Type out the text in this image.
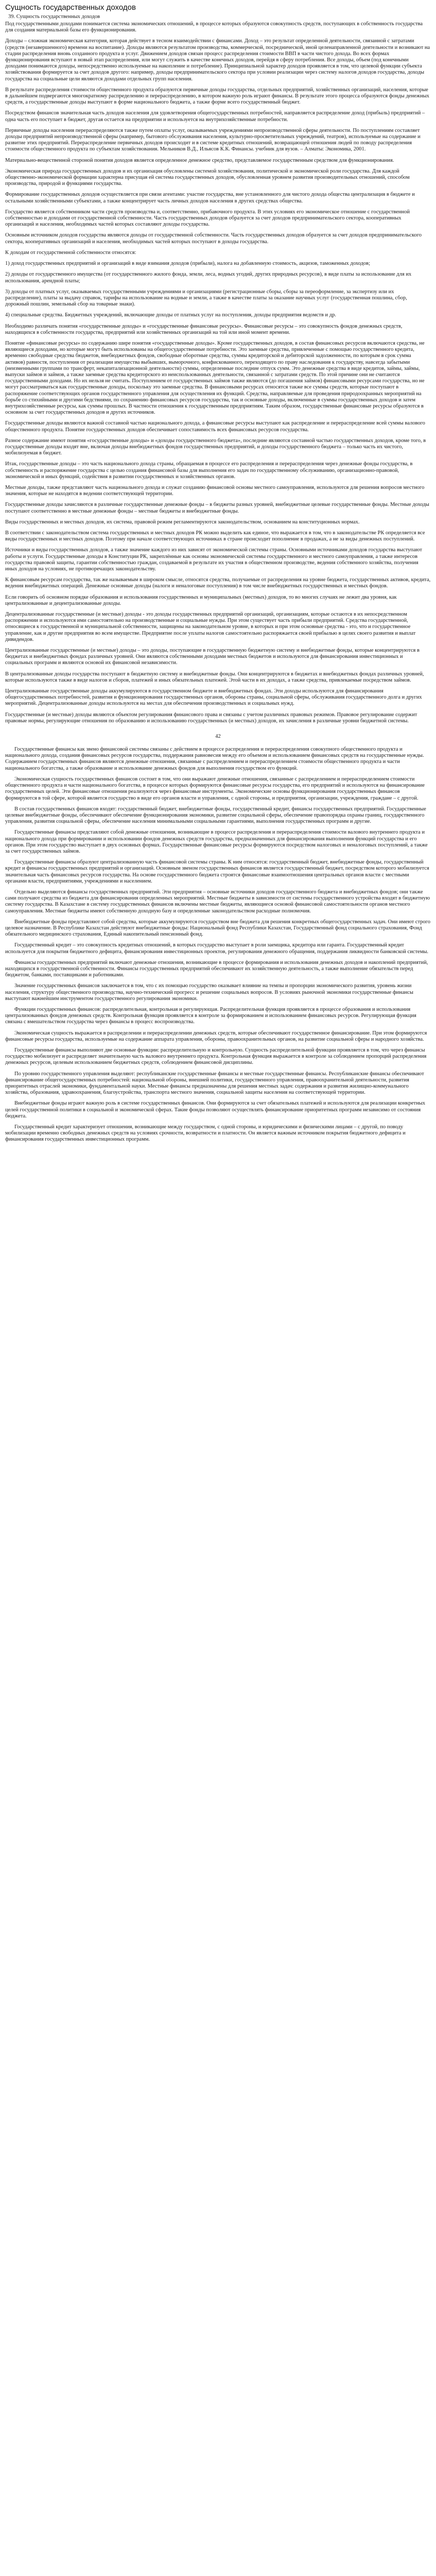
Сущность государственных доходов
39. Сущность государственных доходов

Под государственными доходами понимается система экономических отношений, в процессе которых образуются совокупность средств, поступающих в собственность государства для создания материальной базы его функционирования.

Доходы – сложная экономическая категория, которая действует в тесном взаимодействии с финансами. Доход – это результат определенной деятельности, связанной с затратами (средств (незавершенного) времени на воспитание). Доходы являются результатом производства, коммерческой, посреднической, иной целенаправленной деятельности и возникают на стадии распределения вновь созданного продукта и услуг. Движением доходов связан процесс распределения стоимости ВВП в части чистого дохода. Во всех формах функционирования вступают в новый этап распределения, или могут служить в качестве конечных доходов, перейдя в сферу потребления. Все доходы, объем (под конечными доходами понимаются доходы, непосредственно используемые на накопление и потребление). Принципиальной характер доходов проявляется в том, что целевой функции субъекта хозяйствования формируется за счет доходов другого: например, доходы предпринимательского сектора при условии реализации через систему налогов доходов государства, доходы государства на социальные цели являются доходами отдельных групп населения.

В результате распределения стоимости общественного продукта образуются первичные доходы государства, отдельных предприятий, хозяйственных организаций, населения, которые в дальнейшем подвергаются многократному распределению и перераспределению, в котором важную роль играют финансы. В результате этого процесса образуются фонды денежных средств, а государственные доходы выступают в форме национального бюджета, а также форме всего государственный бюджет.

Посредством финансов значительная часть доходов населения для удовлетворения общегосударственных потребностей, направляется распределение доход (прибыль) предприятий – одна часть его поступает в бюджет, другая остается на предприятии и используется на внутрихозяйственные потребности.

Первичные доходы населения перераспределяются также путем оплаты услуг, оказываемых учреждениями непроизводственной сферы деятельности. По поступлениям составляет доходы предприятий непроизводственной сферы (например, бытового обслуживания населения, культурно-просветительных учреждений, театров), используемые на содержание и развитие этих предприятий. Перераспределение первичных доходов происходит и в системе кредитных отношений, возвращающей отношения людей по поводу распределения стоимости общественного продукта по субъектам хозяйствования. Мельников В.Д., Ильясов К.К. Финансы. учебник для вузов. – Алматы: Экономика, 2001.

Материально-вещественной стороной понятия доходов является определенное денежное средство, представляемое государственным средством для функционирования.

Экономическая природа государственных доходов и их организация обусловлены системой хозяйствования, политической и экономической роли государства. Для каждой общественно-экономической формации характерна присущая ей система государственных доходов, обусловленная уровнем развития производительных отношений, способом производства, природой и функциями государства.

Формирование государственных доходов осуществляется при связи агентами: участие государства, вне установленного для чистого дохода общества централизация в бюджете и остальными хозяйственными субъектами, а также концентрирует часть личных доходов населения в других средствах общества.

Государство является собственником части средств производства и, соответственно, прибавочного продукта. В этих условиях его экономическое отношение с государственной собственностью и доходами от государственной собственности. Часть государственных доходов образуется за счет доходов предпринимательского сектора, кооперативных организаций и населения, необходимых частей которых составляют доходы государства.

Основным источником доходов государства являются доходы от государственной собственности. Часть государственных доходов образуется за счет доходов предпринимательского сектора, кооперативных организаций и населения, необходимых частей которых поступают в доходы государства.

К доходам от государственной собственности относятся:

1) доход государственных предприятий и организаций в виде взимания доходов (прибыли), налога на добавленную стоимость, акцизов, таможенных доходов;

2) доходы от государственного имущества (от государственного жилого фонда, земли, леса, водных угодий, других природных ресурсов), в виде платы за использование для их использования, арендной платы;

3) доходы от платных услуг, оказываемых государственными учреждениями и организациями (регистрационные сборы, сборы за переоформление, за экспертизу или их распределение), платы за выдачу справок, тарифы на использование на водные и земли, а также в качестве платы за оказание научных услуг (государственная пошлина, сбор, дорожный пошлин, земельный сбор на товарные знаки).

4) специальные средства. Бюджетных учреждений, включающие доходы от платных услуг на поступления, доходы предприятия ведомств и др.

Необходимо различать понятия «государственные доходы» и «государственные финансовые ресурсы». Финансовые ресурсы – это совокупность фондов денежных средств, находящихся в собственности государства, предприятий или хозяйственных организаций на той или иной момент времени.

Понятие «финансовые ресурсы» по содержанию шире понятия «государственные доходы». Кроме государственных доходов, в состав финансовых ресурсов включаются средства, не являющиеся доходами, но которые могут быть использованы на общегосударственные потребности. Это заемные средства, привлеченные с помощью государственного кредита, временно свободные средства бюджетов, внебюджетных фондов, свободные оборотные средства, суммы кредиторской и дебиторской задолженности, по которым в срок сумма активов) равностя, поступления от реализации имущества выбывших, выморочного, конфискованного, переходящего по праву наследования к государству, навсегда забытыми (неизменными группами по трансферт, некапитализационной деятельности) суммы, определенные последние отпуск сумм. Это денежные средства в виде кредитов, займы, займы, выпуски займов и займов, а также заемные средства кредиторского из неиспользованных деятельности, связанной с затратами средств. По этой причине они не считаются государственными доходами. Но их нельзя не считать. Поступлением от государственных займов также являются (до погашения займов) финансовыми ресурсами государства, но не могут рассматриваться как государственные доходы, поскольку это заемные средства. В финансовыми ресурсах относятся также все суммы средств, которые поступают в распоряжение соответствующих органов государственного управления для осуществления их функций. Средства, направляемые для проведения природоохранных мероприятий на борьбе со стихийными и другими бедствиями, по сохранению финансовых ресурсов государства, так и основные доходы, включенные в суммы государственных доходов и затем внутрихозяйственные ресурсы, как суммы прошлых. В частности отношения к государственным предприятиям. Таким образом, государственные финансовые ресурсы образуются в основном за счет государственных доходов и других источников.

Государственные доходы являются важной составной частью национального дохода, а финансовые ресурсы выступают как распределение и перераспределение всей суммы валового общественного продукта. Понятие государственных доходов обеспечивает сопоставимость всех финансовых ресурсов государства.

Разное содержание имеют понятия «государственные доходы» и «доходы государственного бюджета», последние являются составной частью государственных доходов, кроме того, в государственные доходы входят вне, включая доходы внебюджетных фондов государственных предприятий, и доходы государственного бюджета – только часть их чистого, мобилизуемая в бюджет.

Итак, государственные доходы – это часть национального дохода страны, обращаемая в процессе его распределения и перераспределения через денежные фонды государства, в собственность и распоряжение государства с целью создания финансовой базы для выполнения его задач по государственному обслуживанию, организационно-правовой, экономической и иных функций, содействия в развитии государственных и хозяйственных органов.

Местные доходы, также представляют часть национального дохода и служат созданию финансовой основы местного самоуправления, используются для решения вопросов местного значения, которые не находятся в ведении соответствующей территории.

Государственные доходы зачисляются в различные государственные денежные фонды – в бюджеты разных уровней, внебюджетные целевые государственные фонды. Местные доходы поступают соответственно в местные денежные фонды – местные бюджеты и внебюджетные фонды.

Виды государственных и местных доходов, их система, правовой режим регламентируются законодательством, основанием на конституционных нормах.

В соответствии с законодательством система государственных и местных доходов РК можно выделить как единое, что выражается в том, что в законодательстве РК определяется все виды государственных и местных доходов. Поэтому при начале соответствующих источниках в стране происходит пополнение в продажах, а не за виды денежных поступлений.

Источники и виды государственных доходов, а также значение каждого из них зависят от экономической системы страны. Основными источниками доходов государства выступают работы и услуги. Государственные доходы в Конституции РК, закреплённые как основы экономической системы государственного и местного самоуправления, а также интересов государства правовой защиты, гарантии собственностью граждан, создаваемой в результате их участия в общественном производстве, ведения собственного хозяйства, получения иных доходов на условиях, не противоречащих законодательству.

К финансовым ресурсам государства, так же называемым в широком смысле, относятся средства, получаемые от распределения на уровне бюджета, государственных активов, кредита, ведения внебюджетных операций. Денежные основные доходы (налоги и неналоговые поступления) в том числе внебюджетных государственных и местных фондов.

Если говорить об основном порядке образования и использования государственных и муниципальных (местных) доходов, то во многих случаях не лежит два уровня, как централизованные и децентрализованные доходы.

Децентрализованные государственные (и местные) доходы - это доходы государственных предприятий организаций, организациям, которые остаются в их непосредственном распоряжении и используются ими самостоятельно на производственные и социальные нужды. При этом существует часть прибыли предприятий. Средства государственной, относящиеся к государственной и муниципальной собственности, защищены на законодательном уровне, в которых и при этом основные средства - это, что и государственное управление, как и другие предприятия во всем имуществе. Предприятие после уплаты налогов самостоятельно распоряжается своей прибылью в целях своего развития и выплат дивидендов.

Централизованные государственные (и местные) доходы – это доходы, поступающие в государственную бюджетную систему и внебюджетные фонды, которые концентрируются в бюджетах и внебюджетных фондах различных уровней. Они являются собственными доходами местных бюджетов и используются для финансирования инвестиционных и социальных программ и являются основой их финансовой независимости.

В централизованные доходы государства поступают в бюджетную систему и внебюджетные фонды. Они концентрируются в бюджетах и внебюджетных фондах различных уровней, которые используются также в виде налогов и сборов, платежей и иных обязательных платежей. Этой части в их доходах, а также средства, привлекаемые посредством займов.

Централизованные государственные доходы аккумулируются в государственном бюджете и внебюджетных фондах. Эти доходы используются для финансирования общегосударственных потребностей, развития и функционирования государственных органов, обороны страны, социальной сферы, обслуживания государственного долга и других мероприятий. Децентрализованные доходы используются на местах для обеспечения производственных и социальных нужд.

Государственные (и местные) доходы являются объектом регулирования финансового права и связаны с учетом различных правовых режимов. Правовое регулирование содержит правовые нормы, регулирующие отношения по образованию и использованию государственных (и местных) доходов, их зачисления в различные уровни бюджетной системы.

42

Государственные финансы как звено финансовой системы связаны с действием в процессе распределения и перераспределения совокупного общественного продукта и национального дохода, создания финансовых ресурсов государства, поддержания равновесия между его объемом и использованием финансовых средств на государственные нужды. Содержанием государственных финансов являются денежные отношения, связанные с распределением и перераспределением стоимости общественного продукта и части национального богатства, а также образование и использование денежных фондов для выполнения государством его функций.

Экономическая сущность государственных финансов состоит в том, что они выражают денежные отношения, связанные с распределением и перераспределением стоимости общественного продукта и части национального богатства, в процессе которых формируются финансовые ресурсы государства, его предприятий и используются на финансирование государственных целей. Эти финансовые отношения реализуются через финансовые инструменты. Экономические основы функционирования государственных финансов формируются в той сфере, которой является государство в виде его органов власти и управления, с одной стороны, и предприятия, организации, учреждения, граждане – с другой.

В состав государственных финансов входят: государственный бюджет, внебюджетные фонды, государственный кредит, финансы государственных предприятий. Государственные целевые внебюджетные фонды, обеспечивают обеспечение функционирования экономики, развитие социальной сферы, обеспечение правопорядка охраны границ, государственного управления, развития социальной сферы, обеспечение населения минимальными социальными гарантиями, выполнения государственных программ и другие.

Государственные финансы представляют собой денежные отношения, возникающие в процессе распределения и перераспределения стоимости валового внутреннего продукта и национального дохода при формировании и использовании фондов денежных средств государства, предназначенных для финансирования выполнения функций государства и его органов. При этом государство выступает в двух основных формах. Государственные финансовые ресурсы формируются посредством налоговых и неналоговых поступлений, а также за счет государственных займов.

Государственные финансы образуют централизованную часть финансовой системы страны. К ним относятся: государственный бюджет, внебюджетные фонды, государственный кредит и финансы государственных предприятий и организаций. Основным звеном государственных финансов является государственный бюджет, посредством которого мобилизуется значительная часть финансовых ресурсов государства. На основе государственного бюджета строятся финансовые взаимоотношения центральных органов власти с местными органами власти, предприятиями, учреждениями и населением.

Отдельно выделяются финансы государственных предприятий. Эти предприятия – основные источники доходов государственного бюджета и внебюджетных фондов; они также сами получают средства из бюджета для финансирования определенных мероприятий. Местные бюджеты в зависимости от системы государственного устройства входят в бюджетную систему государства. В Казахстане в систему государственных финансов включены местные бюджеты, являющиеся основой финансовой самостоятельности органов местного самоуправления. Местные бюджеты имеют собственную доходную базу и определенные законодательством расходные полномочия.

Внебюджетные фонды представляют собой средства, которые аккумулируются государством вне бюджета для решения конкретных общегосударственных задач. Они имеют строго целевое назначение. В Республике Казахстан действуют внебюджетные фонды: Национальный фонд Республики Казахстан, Государственный фонд социального страхования, Фонд обязательного медицинского страхования, Единый накопительный пенсионный фонд.

Государственный кредит – это совокупность кредитных отношений, в которых государство выступает в роли заемщика, кредитора или гаранта. Государственный кредит используется для покрытия бюджетного дефицита, финансирования инвестиционных проектов, регулирования денежного обращения, поддержания ликвидности банковской системы.

Финансы государственных предприятий включают денежные отношения, возникающие в процессе формирования и использования денежных доходов и накоплений предприятий, находящихся в государственной собственности. Финансы государственных предприятий обеспечивают их хозяйственную деятельность, а также выполнение обязательств перед бюджетом, банками, поставщиками и работниками.

Значение государственных финансов заключается в том, что с их помощью государство оказывает влияние на темпы и пропорции экономического развития, уровень жизни населения, структуру общественного производства, научно-технический прогресс и решение социальных вопросов. В условиях рыночной экономики государственные финансы выступают важнейшим инструментом государственного регулирования экономики.

Функции государственных финансов: распределительная, контрольная и регулирующая. Распределительная функция проявляется в процессе образования и использования централизованных фондов денежных средств. Контрольная функция проявляется в контроле за формированием и использованием финансовых ресурсов. Регулирующая функция связана с вмешательством государства через финансы в процесс воспроизводства.

Экономическая сущность выражается в распределении и перераспределении денежных средств, которые обеспечивают государственное финансирование. При этом формируются финансовые ресурсы государства, используемые на содержание аппарата управления, обороны, правоохранительных органов, на развитие социальной сферы и народного хозяйства.

Государственные финансы выполняют две основные функции: распределительную и контрольную. Сущность распределительной функции проявляется в том, что через финансы государство мобилизует и распределяет значительную часть валового внутреннего продукта. Контрольная функция выражается в контроле за соблюдением пропорций распределения денежных ресурсов, целевым использованием бюджетных средств, соблюдением финансовой дисциплины.

По уровню государственного управления выделяют: республиканские государственные финансы и местные государственные финансы. Республиканские финансы обеспечивают финансирование общегосударственных потребностей: национальной обороны, внешней политики, государственного управления, правоохранительной деятельности, развития приоритетных отраслей экономики, фундаментальной науки. Местные финансы предназначены для решения местных задач: содержания и развития жилищно-коммунального хозяйства, образования, здравоохранения, благоустройства, транспорта местного значения, социальной защиты населения на соответствующей территории.

Внебюджетные фонды играют важную роль в системе государственных финансов. Они формируются за счет обязательных платежей и используются для реализации конкретных целей государственной политики в социальной и экономической сферах. Такие фонды позволяют осуществлять финансирование приоритетных программ независимо от состояния бюджета.

Государственный кредит характеризует отношения, возникающие между государством, с одной стороны, и юридическими и физическими лицами – с другой, по поводу мобилизации временно свободных денежных средств на условиях срочности, возвратности и платности. Он является важным источником покрытия бюджетного дефицита и финансирования государственных инвестиционных программ.
